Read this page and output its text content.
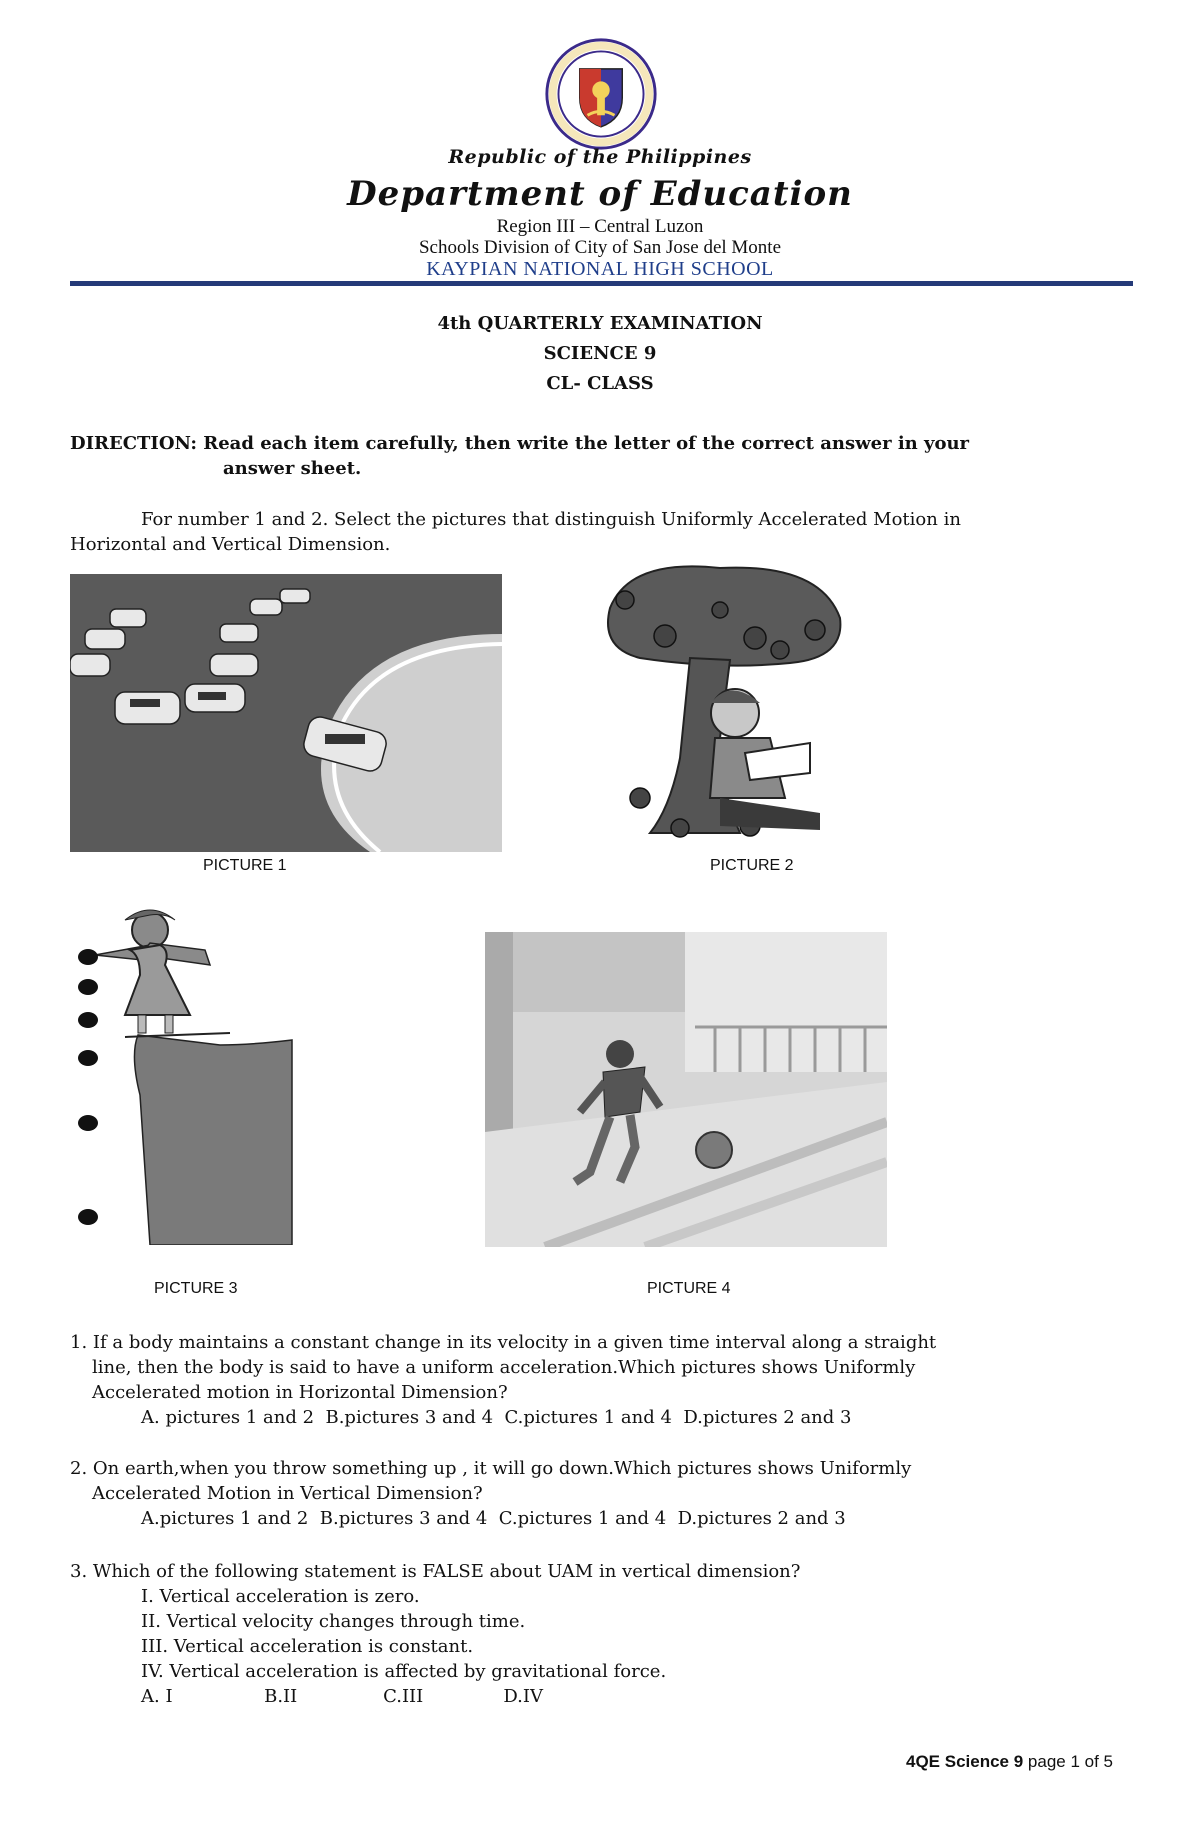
Republic of the Philippines
Department of Education
Region III – Central Luzon
Schools Division of City of San Jose del Monte
KAYPIAN NATIONAL HIGH SCHOOL
4th QUARTERLY EXAMINATION
SCIENCE 9
CL- CLASS
DIRECTION: Read each item carefully, then write the letter of the correct answer in your
answer sheet.
For number 1 and 2. Select the pictures that distinguish Uniformly Accelerated Motion in
Horizontal and Vertical Dimension.
PICTURE 1	PICTURE 2
PICTURE 3	PICTURE 4
1. If a body maintains a constant change in its velocity in a given time interval along a straight
line, then the body is said to have a uniform acceleration.Which pictures shows Uniformly
Accelerated motion in Horizontal Dimension?
A. pictures 1 and 2  B.pictures 3 and 4  C.pictures 1 and 4  D.pictures 2 and 3
2. On earth,when you throw something up , it will go down.Which pictures shows Uniformly
Accelerated Motion in Vertical Dimension?
A.pictures 1 and 2  B.pictures 3 and 4  C.pictures 1 and 4  D.pictures 2 and 3
3. Which of the following statement is FALSE about UAM in vertical dimension?
I. Vertical acceleration is zero.
II. Vertical velocity changes through time.
III. Vertical acceleration is constant.
IV. Vertical acceleration is affected by gravitational force.
A. I                B.II               C.III              D.IV
4QE Science 9 page 1 of 5
